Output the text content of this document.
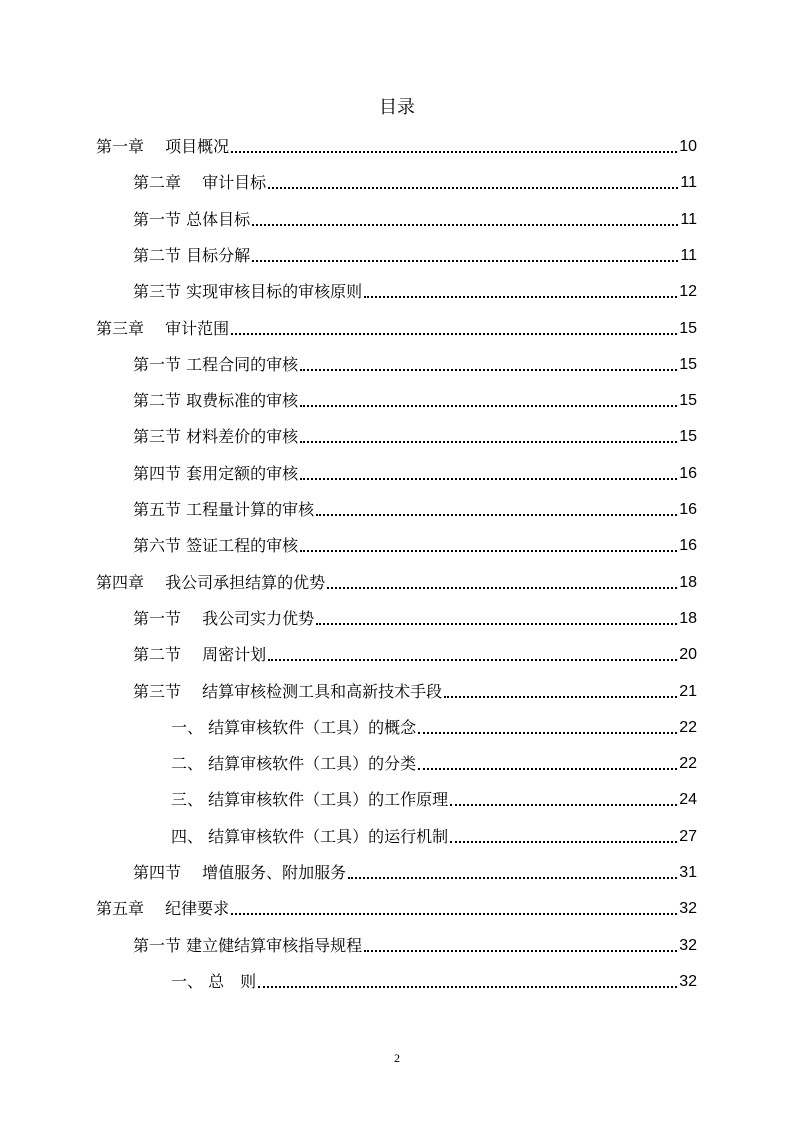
目录
第一章　 项目概况	10
第二章　 审计目标	11
第一节 总体目标	11
第二节 目标分解	11
第三节 实现审核目标的审核原则	12
第三章　 审计范围	15
第一节 工程合同的审核	15
第二节 取费标准的审核	15
第三节 材料差价的审核	15
第四节 套用定额的审核	16
第五节 工程量计算的审核	16
第六节 签证工程的审核	16
第四章　 我公司承担结算的优势	18
第一节　 我公司实力优势	18
第二节　 周密计划	20
第三节　 结算审核检测工具和高新技术手段	21
一、 结算审核软件（工具）的概念	22
二、 结算审核软件（工具）的分类	22
三、 结算审核软件（工具）的工作原理	24
四、 结算审核软件（工具）的运行机制	27
第四节　 增值服务、附加服务	31
第五章　 纪律要求	32
第一节 建立健结算审核指导规程	32
一、 总　则	32
2
